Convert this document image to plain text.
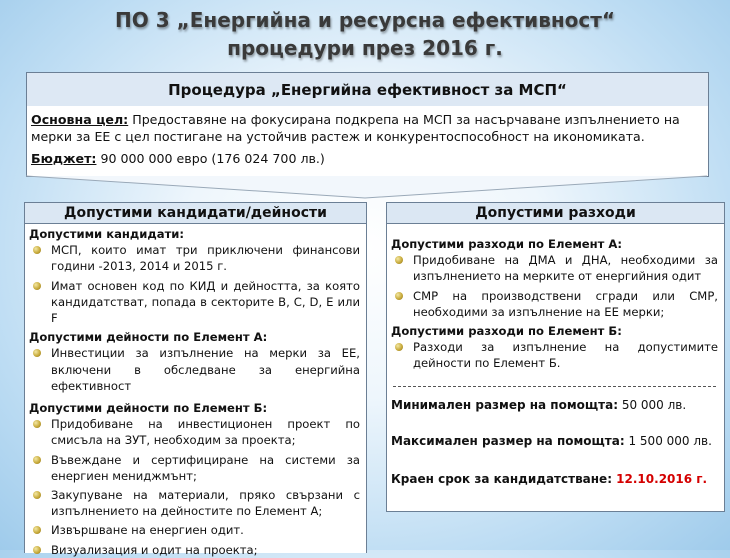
ПО 3 „Енергийна и ресурсна ефективност“
процедури през 2016 г.
Процедура „Енергийна ефективност за МСП“
Основна цел: Предоставяне на фокусирана подкрепа на МСП за насърчаване изпълнението на мерки за ЕЕ с цел постигане на устойчив растеж и конкурентоспособност на икономиката.
Бюджет: 90 000 000 евро (176 024 700 лв.)
Допустими кандидати/дейности
Допустими кандидати:
МСП, които имат три приключени финансови години -2013, 2014 и 2015 г.
Имат основен код по КИД и дейността, за която кандидатстват, попада в секторите B, C, D, E или F
Допустими дейности по Елемент А:
Инвестиции за изпълнение на мерки за ЕЕ, включени в обследване за енергийна ефективност
Допустими дейности по Елемент Б:
Придобиване на инвестиционен проект по смисъла на ЗУТ, необходим за проекта;
Въвеждане и сертифициране на системи за енергиен мениджмънт;
Закупуване на материали, пряко свързани с изпълнението на дейностите по Елемент А;
Извършване на енергиен одит.
Визуализация и одит на проекта;
Допустими разходи
Допустими разходи по Елемент А:
Придобиване на ДМА и ДНА, необходими за изпълнението на мерките от енергийния одит
СМР на производствени сгради или СМР, необходими за изпълнение на ЕЕ мерки;
Допустими разходи по Елемент Б:
Разходи за изпълнение на допустимите дейности по Елемент Б.
Минимален размер на помощта: 50 000 лв.
Максимален размер на помощта: 1 500 000 лв.
Краен срок за кандидатстване: 12.10.2016 г.
